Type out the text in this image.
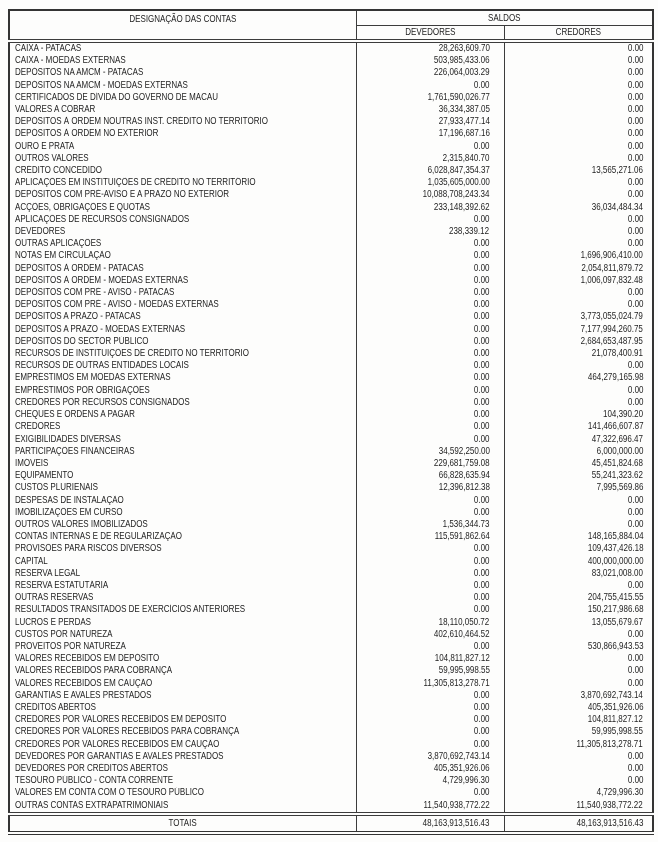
DESIGNAÇÃO DAS CONTAS	SALDOS	
	DEVEDORES	CREDORES
CAIXA - PATACAS	28,263,609.70	0.00
CAIXA - MOEDAS EXTERNAS	503,985,433.06	0.00
DEPÓSITOS NA AMCM - PATACAS	226,064,003.29	0.00
DEPÓSITOS NA AMCM - MOEDAS EXTERNAS	0.00	0.00
CERTIFICADOS DE DÍVIDA DO GOVERNO DE MACAU	1,761,590,026.77	0.00
VALORES A COBRAR	36,334,387.05	0.00
DEPÓSITOS À ORDEM NOUTRAS INST. CRÉDITO NO TERRITÓRIO	27,933,477.14	0.00
DEPÓSITOS À ORDEM NO EXTERIOR	17,196,687.16	0.00
OURO E PRATA	0.00	0.00
OUTROS VALORES	2,315,840.70	0.00
CRÉDITO CONCEDIDO	6,028,847,354.37	13,565,271.06
APLICAÇÕES EM INSTITUIÇÕES DE CRÉDITO NO TERRITÓRIO	1,035,605,000.00	0.00
DEPÓSITOS COM PRÉ-AVISO E A PRAZO NO EXTERIOR	10,088,708,243.34	0.00
ACÇÕES, OBRIGAÇÕES E QUOTAS	233,148,392.62	36,034,484.34
APLICAÇÕES DE RECURSOS CONSIGNADOS	0.00	0.00
DEVEDORES	238,339.12	0.00
OUTRAS APLICAÇÕES	0.00	0.00
NOTAS EM CIRCULAÇÃO	0.00	1,696,906,410.00
DEPÓSITOS À ORDEM - PATACAS	0.00	2,054,811,879.72
DEPÓSITOS À ORDEM - MOEDAS EXTERNAS	0.00	1,006,097,832.48
DEPÓSITOS COM PRÉ - AVISO - PATACAS	0.00	0.00
DEPÓSITOS COM PRÉ - AVISO - MOEDAS EXTERNAS	0.00	0.00
DEPÓSITOS A PRAZO - PATACAS	0.00	3,773,055,024.79
DEPÓSITOS A PRAZO - MOEDAS EXTERNAS	0.00	7,177,994,260.75
DEPÓSITOS DO SECTOR PÚBLICO	0.00	2,684,653,487.95
RECURSOS DE INSTITUIÇÕES DE CRÉDITO NO TERRITÓRIO	0.00	21,078,400.91
RECURSOS DE OUTRAS ENTIDADES LOCAIS	0.00	0.00
EMPRÉSTIMOS EM MOEDAS EXTERNAS	0.00	464,279,165.98
EMPRÉSTIMOS POR OBRIGAÇÕES	0.00	0.00
CREDORES POR RECURSOS CONSIGNADOS	0.00	0.00
CHEQUES E ORDENS A PAGAR	0.00	104,390.20
CREDORES	0.00	141,466,607.87
EXIGIBILIDADES DIVERSAS	0.00	47,322,696.47
PARTICIPAÇÕES FINANCEIRAS	34,592,250.00	6,000,000.00
IMÓVEIS	229,681,759.08	45,451,824.68
EQUIPAMENTO	66,828,635.94	55,241,323.62
CUSTOS PLURIENAIS	12,396,812.38	7,995,569.86
DESPESAS DE INSTALAÇÃO	0.00	0.00
IMOBILIZAÇÕES EM CURSO	0.00	0.00
OUTROS VALORES IMOBILIZADOS	1,536,344.73	0.00
CONTAS INTERNAS E DE REGULARIZAÇÃO	115,591,862.64	148,165,884.04
PROVISÕES PARA RISCOS DIVERSOS	0.00	109,437,426.18
CAPITAL	0.00	400,000,000.00
RESERVA LEGAL	0.00	83,021,008.00
RESERVA ESTATUTÁRIA	0.00	0.00
OUTRAS RESERVAS	0.00	204,755,415.55
RESULTADOS TRANSITADOS DE EXERCÍCIOS ANTERIORES	0.00	150,217,986.68
LUCROS E PERDAS	18,110,050.72	13,055,679.67
CUSTOS POR NATUREZA	402,610,464.52	0.00
PROVEITOS POR NATUREZA	0.00	530,866,943.53
VALORES RECEBIDOS EM DEPÓSITO	104,811,827.12	0.00
VALORES RECEBIDOS PARA COBRANÇA	59,995,998.55	0.00
VALORES RECEBIDOS EM CAUÇÃO	11,305,813,278.71	0.00
GARANTIAS E AVALES PRESTADOS	0.00	3,870,692,743.14
CRÉDITOS ABERTOS	0.00	405,351,926.06
CREDORES POR VALORES RECEBIDOS EM DEPÓSITO	0.00	104,811,827.12
CREDORES POR VALORES RECEBIDOS PARA COBRANÇA	0.00	59,995,998.55
CREDORES POR VALORES RECEBIDOS EM CAUÇÃO	0.00	11,305,813,278.71
DEVEDORES POR GARANTIAS E AVALES PRESTADOS	3,870,692,743.14	0.00
DEVEDORES POR CRÉDITOS ABERTOS	405,351,926.06	0.00
TESOURO PÚBLICO - CONTA CORRENTE	4,729,996.30	0.00
VALORES EM CONTA COM O TESOURO PÚBLICO	0.00	4,729,996.30
OUTRAS CONTAS EXTRAPATRIMONIAIS	11,540,938,772.22	11,540,938,772.22
TOTAIS	48,163,913,516.43	48,163,913,516.43
